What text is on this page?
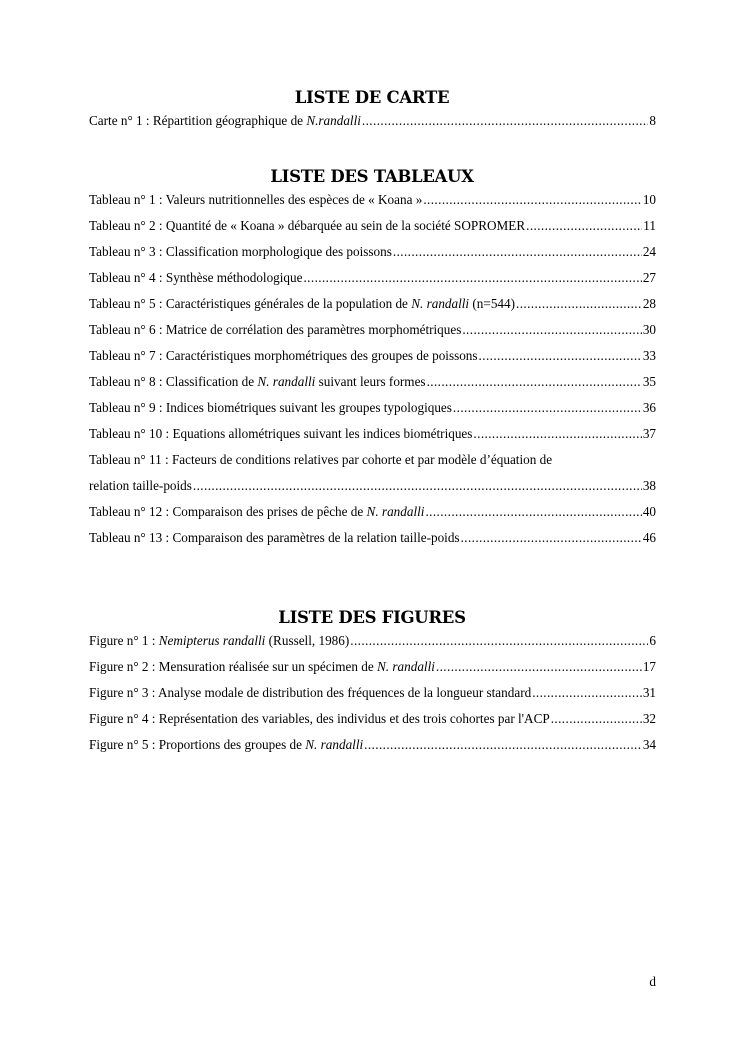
LISTE DE CARTE
Carte n° 1 : Répartition géographique de N.randalli .....	8
LISTE DES TABLEAUX
Tableau n° 1 : Valeurs nutritionnelles des espèces de « Koana » .....	10
Tableau n° 2 : Quantité de « Koana » débarquée au sein de la société SOPROMER .....	11
Tableau n° 3 : Classification morphologique des poissons .....	24
Tableau n° 4 : Synthèse méthodologique .....	27
Tableau n° 5 : Caractéristiques générales de la population de N. randalli (n=544) .....	28
Tableau n° 6 : Matrice de corrélation des paramètres morphométriques .....	30
Tableau n° 7 : Caractéristiques morphométriques des groupes de poissons .....	33
Tableau n° 8 : Classification de N. randalli suivant leurs formes .....	35
Tableau n° 9 : Indices biométriques suivant les groupes typologiques .....	36
Tableau n° 10 : Equations allométriques suivant les indices biométriques .....	37
Tableau n° 11 : Facteurs de conditions relatives par cohorte et par modèle d’équation de
relation taille-poids .....	38
Tableau n° 12 : Comparaison des prises de pêche de N. randalli .....	40
Tableau n° 13 : Comparaison des paramètres de la relation taille-poids .....	46
LISTE DES FIGURES
Figure n° 1 : Nemipterus randalli (Russell, 1986) .....	6
Figure n° 2 : Mensuration réalisée sur un spécimen de N. randalli .....	17
Figure n° 3 : Analyse modale de distribution des fréquences de la longueur standard .....	31
Figure n° 4 : Représentation des variables, des individus et des trois cohortes par l'ACP .....	32
Figure n° 5 : Proportions des groupes de N. randalli .....	34
d
